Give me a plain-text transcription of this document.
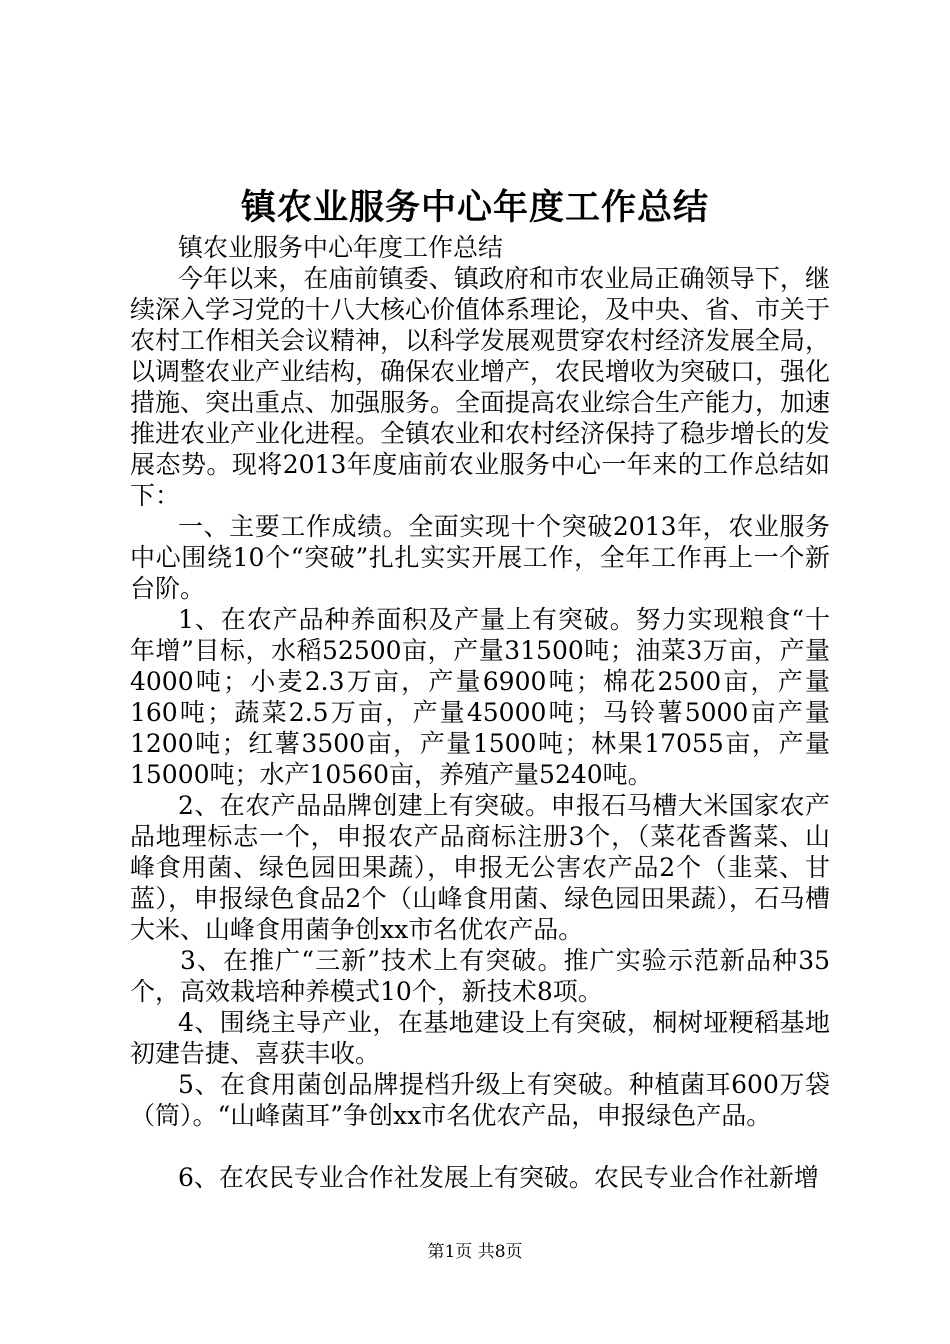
镇农业服务中心年度工作总结

镇农业服务中心年度工作总结

今年以来，在庙前镇委、镇政府和市农业局正确领导下，继续深入学习党的十八大核心价值体系理论，及中央、省、市关于农村工作相关会议精神，以科学发展观贯穿农村经济发展全局，以调整农业产业结构，确保农业增产，农民增收为突破口，强化措施、突出重点、加强服务。全面提高农业综合生产能力，加速推进农业产业化进程。全镇农业和农村经济保持了稳步增长的发展态势。现将2013年度庙前农业服务中心一年来的工作总结如下：

一、主要工作成绩。全面实现十个突破2013年，农业服务中心围绕10个“突破”扎扎实实开展工作，全年工作再上一个新台阶。

1、在农产品种养面积及产量上有突破。努力实现粮食“十年增”目标，水稻52500亩，产量31500吨；油菜3万亩，产量4000吨；小麦2.3万亩，产量6900吨；棉花2500亩，产量160吨；蔬菜2.5万亩，产量45000吨；马铃薯5000亩产量1200吨；红薯3500亩，产量1500吨；林果17055亩，产量15000吨；水产10560亩，养殖产量5240吨。

2、在农产品品牌创建上有突破。申报石马槽大米国家农产品地理标志一个，申报农产品商标注册3个，（菜花香酱菜、山峰食用菌、绿色园田果蔬），申报无公害农产品2个（韭菜、甘蓝），申报绿色食品2个（山峰食用菌、绿色园田果蔬），石马槽大米、山峰食用菌争创xx市名优农产品。

3、在推广“三新”技术上有突破。推广实验示范新品种35个，高效栽培种养模式10个，新技术8项。

4、围绕主导产业，在基地建设上有突破，桐树垭粳稻基地初建告捷、喜获丰收。

5、在食用菌创品牌提档升级上有突破。种植菌耳600万袋（筒）。“山峰菌耳”争创xx市名优农产品，申报绿色产品。

6、在农民专业合作社发展上有突破。农民专业合作社新增

第1页 共8页
